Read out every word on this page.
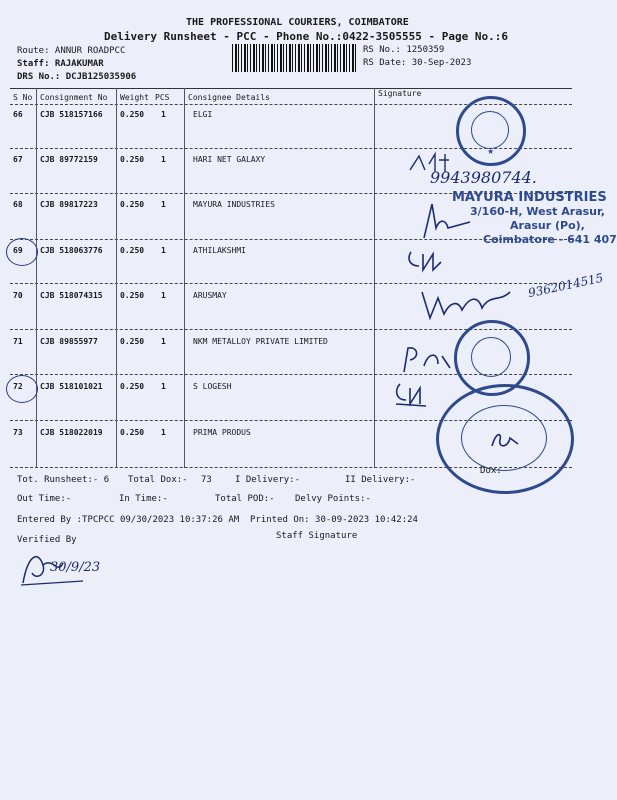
THE PROFESSIONAL COURIERS, COIMBATORE
Delivery Runsheet - PCC - Phone No.:0422-3505555 - Page No.:6
Route: ANNUR ROADPCC
Staff: RAJAKUMAR
DRS No.: DCJB125035906
RS No.: 1250359
RS Date: 30-Sep-2023
S No Consignment No Weight PCS Consignee Details	Signature
66 CJB 518157166 0.250 1	ELGI
67 CJB 89772159	0.250 1	HARI NET GALAXY
68 CJB 89817223	0.250 1	MAYURA INDUSTRIES
69 CJB 518063776 0.250 1	ATHILAKSHMI
70 CJB 518074315 0.250 1	ARUSMAY
71 CJB 89855977	0.250 1	NKM METALLOY PRIVATE LIMITED
72 CJB 518101021 0.250 1	S LOGESH
73 CJB 518022019 0.250 1	PRIMA PRODUS
Tot. Runsheet:- 6 Total Dox:- 73	I Delivery:-	II Delivery:-
Out Time:-	In Time:-	Total POD:- Delvy Points:-
Entered By :TPCPCC 09/30/2023 10:37:26 AM Printed On: 30-09-2023 10:42:24
Verified By	Staff Signature
30/9/23
★
9943980744.
MAYURA INDUSTRIES
3/160-H, West Arasur,
Arasur (Po),
Coimbatore - 641 407
9362014515
Dox:
